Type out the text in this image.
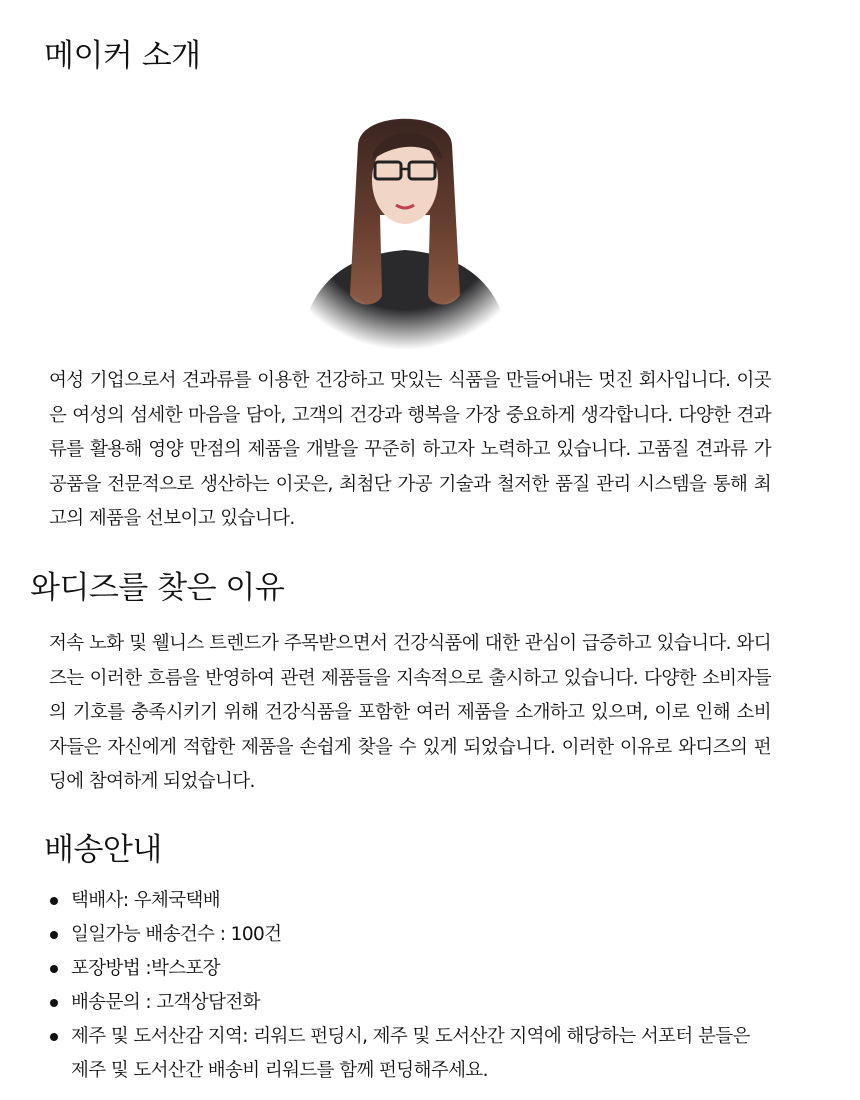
메이커 소개

여성 기업으로서 견과류를 이용한 건강하고 맛있는 식품을 만들어내는 멋진 회사입니다. 이곳은 여성의 섬세한 마음을 담아, 고객의 건강과 행복을 가장 중요하게 생각합니다. 다양한 견과류를 활용해 영양 만점의 제품을 개발을 꾸준히 하고자 노력하고 있습니다. 고품질 견과류 가공품을 전문적으로 생산하는 이곳은, 최첨단 가공 기술과 철저한 품질 관리 시스템을 통해 최고의 제품을 선보이고 있습니다.

와디즈를 찾은 이유

저속 노화 및 웰니스 트렌드가 주목받으면서 건강식품에 대한 관심이 급증하고 있습니다. 와디즈는 이러한 흐름을 반영하여 관련 제품들을 지속적으로 출시하고 있습니다. 다양한 소비자들의 기호를 충족시키기 위해 건강식품을 포함한 여러 제품을 소개하고 있으며, 이로 인해 소비자들은 자신에게 적합한 제품을 손쉽게 찾을 수 있게 되었습니다. 이러한 이유로 와디즈의 펀딩에 참여하게 되었습니다.

배송안내
택배사: 우체국택배
일일가능 배송건수 : 100건
포장방법 :박스포장
배송문의 : 고객상담전화
제주 및 도서산감 지역: 리워드 펀딩시, 제주 및 도서산간 지역에 해당하는 서포터 분들은 제주 및 도서산간 배송비 리워드를 함께 펀딩해주세요.
